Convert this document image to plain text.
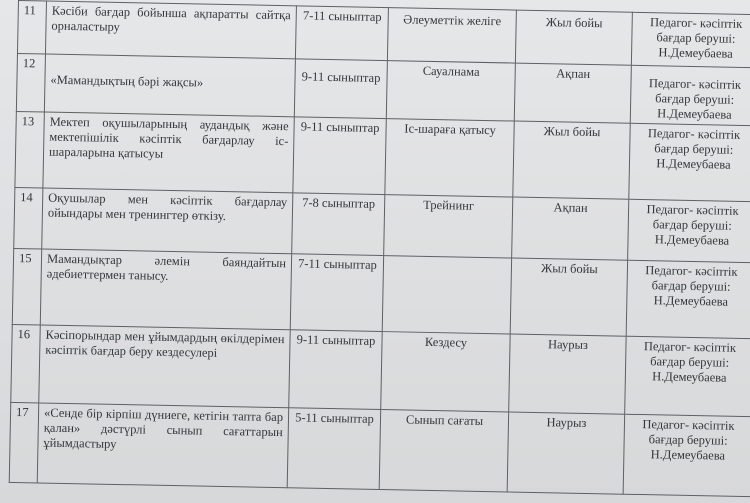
11	Кәсіби бағдар бойынша ақпаратты сайтқа орналастыру	7-11 сыныптар	Әлеуметтік желіге	Жыл бойы	Педагог- кәсіптік бағдар беруші: Н.Демеубаева
12	«Мамандықтың бәрі жақсы»	9-11 сыныптар	Сауалнама	Ақпан	Педагог- кәсіптік бағдар беруші: Н.Демеубаева
13	Мектеп оқушыларының аудандық және мектепішілік кәсіптік бағдарлау іс-шараларына қатысуы	9-11 сыныптар	Іс-шараға қатысу	Жыл бойы	Педагог- кәсіптік бағдар беруші: Н.Демеубаева
14	Оқушылар мен кәсіптік бағдарлау ойындары мен тренингтер өткізу.	7-8 сыныптар	Трейнинг	Ақпан	Педагог- кәсіптік бағдар беруші: Н.Демеубаева
15	Мамандықтар әлемін баяндайтын әдебиеттермен танысу.	7-11 сыныптар		Жыл бойы	Педагог- кәсіптік бағдар беруші: Н.Демеубаева
16	Кәсіпорындар мен ұйымдардың өкілдерімен кәсіптік бағдар беру кездесулері	9-11 сыныптар	Кездесу	Наурыз	Педагог- кәсіптік бағдар беруші: Н.Демеубаева
17	«Сенде бір кірпіш дүниеге, кетігін тапта бар қалан» дәстүрлі сынып сағаттарын ұйымдастыру	5-11 сыныптар	Сынып сағаты	Наурыз	Педагог- кәсіптік бағдар беруші: Н.Демеубаева
